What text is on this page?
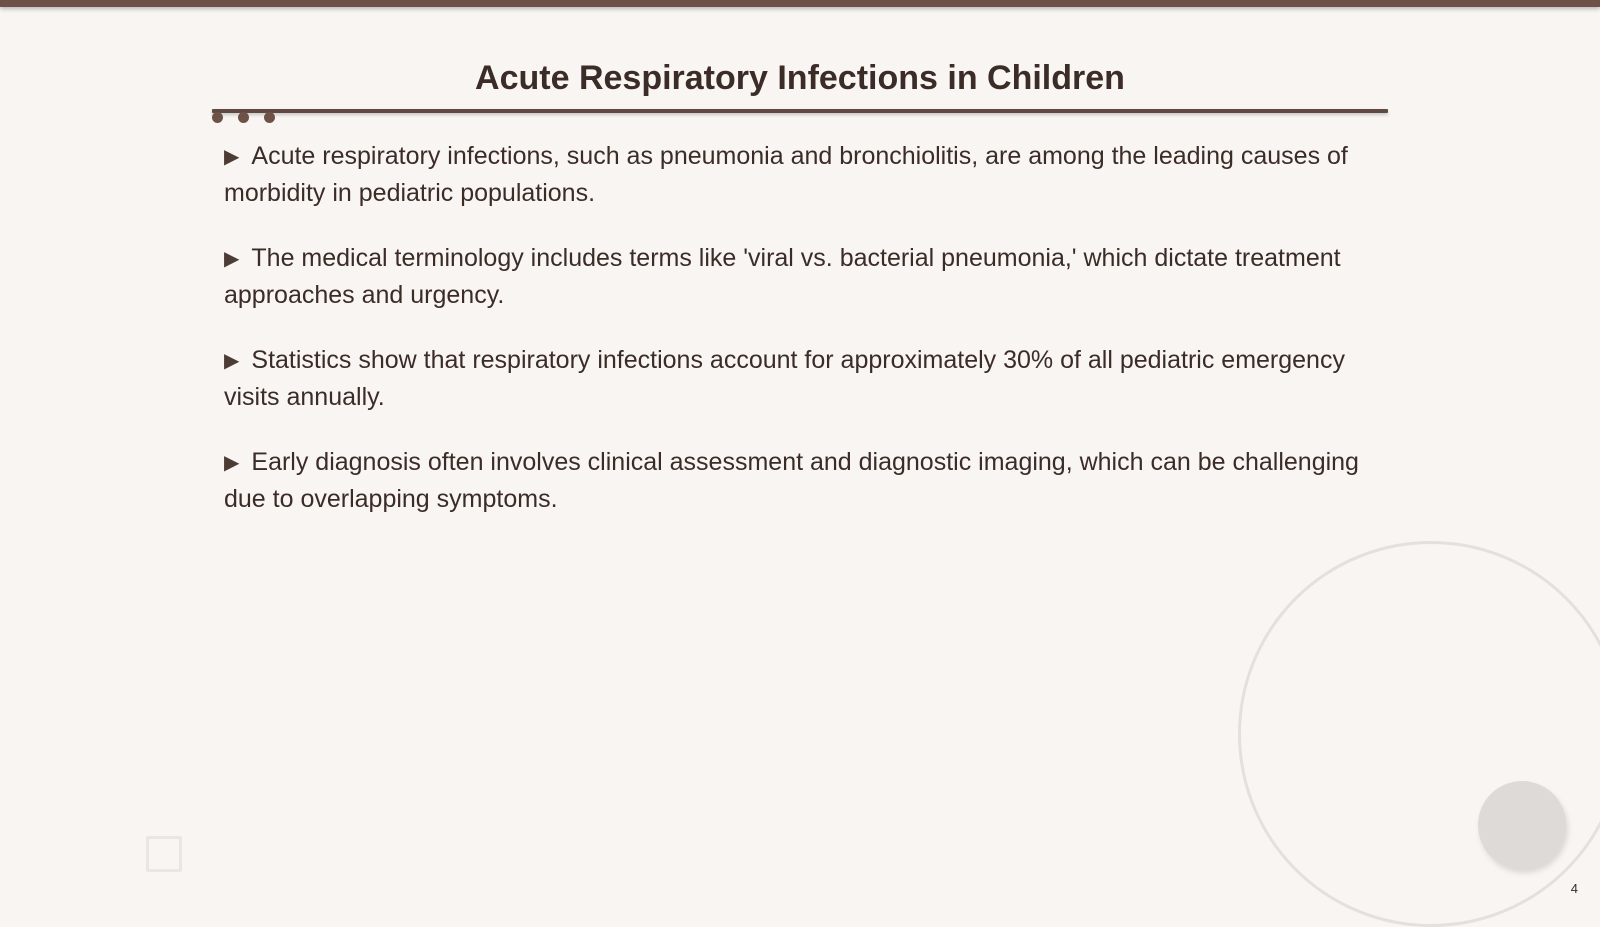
Acute Respiratory Infections in Children
▶ Acute respiratory infections, such as pneumonia and bronchiolitis, are among the leading causes of morbidity in pediatric populations.
▶ The medical terminology includes terms like 'viral vs. bacterial pneumonia,' which dictate treatment approaches and urgency.
▶ Statistics show that respiratory infections account for approximately 30% of all pediatric emergency visits annually.
▶ Early diagnosis often involves clinical assessment and diagnostic imaging, which can be challenging due to overlapping symptoms.
4
